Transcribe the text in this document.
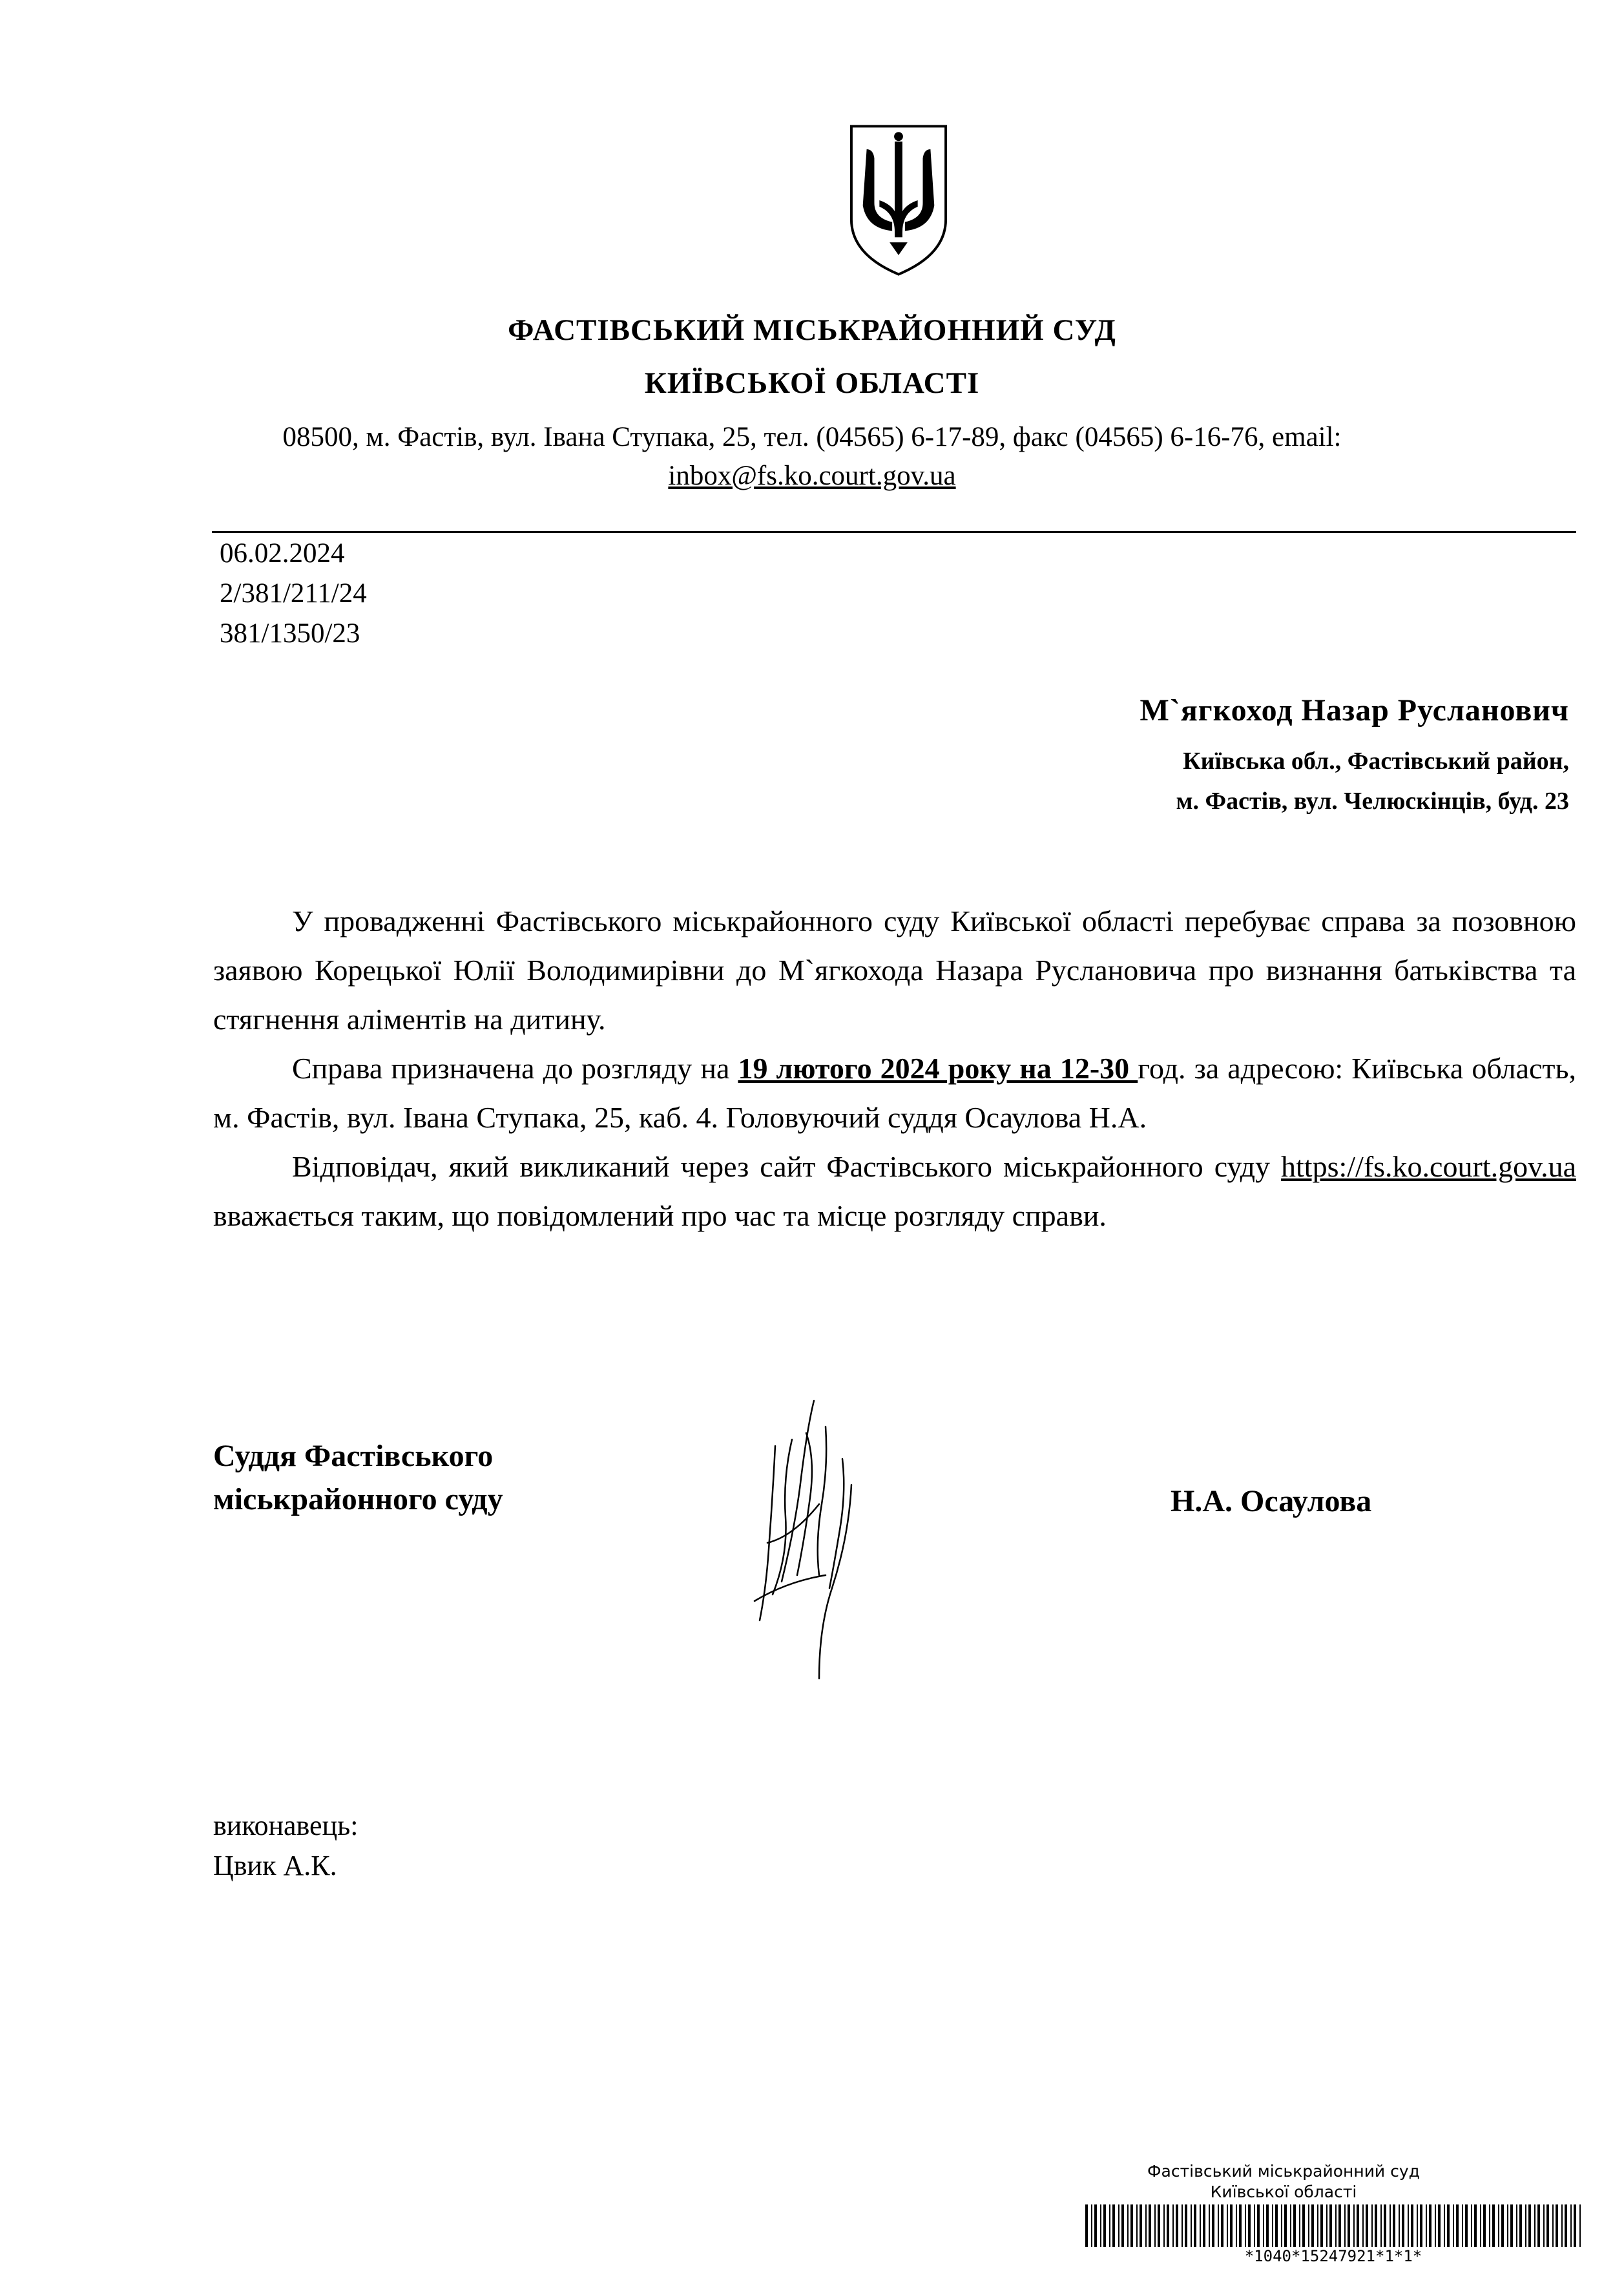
ФАСТІВСЬКИЙ МІСЬКРАЙОННИЙ СУД
КИЇВСЬКОЇ ОБЛАСТІ
08500, м. Фастів, вул. Івана Ступака, 25, тел. (04565) 6-17-89, факс (04565) 6-16-76, email:
inbox@fs.ko.court.gov.ua
06.02.2024
2/381/211/24
381/1350/23
М`ягкоход Назар Русланович
Київська обл., Фастівський район,
м. Фастів, вул. Челюскінців, буд. 23

У провадженні Фастівського міськрайонного суду Київської області перебуває справа за позовною заявою Корецької Юлії Володимирівни до М`ягкохода Назара Руслановича про визнання батьківства та стягнення аліментів на дитину.

Справа призначена до розгляду на 19 лютого 2024 року на 12-30 год. за адресою: Київська область, м. Фастів, вул. Івана Ступака, 25, каб. 4. Головуючий суддя Осаулова Н.А.

Відповідач, який викликаний через сайт Фастівського міськрайонного суду https://fs.ko.court.gov.ua вважається таким, що повідомлений про час та місце розгляду справи.

Суддя Фастівського
міськрайонного суду	Н.А. Осаулова
виконавець:
Цвик А.К.
Фастівський міськрайонний суд
Київської області
*1040*15247921*1*1*
